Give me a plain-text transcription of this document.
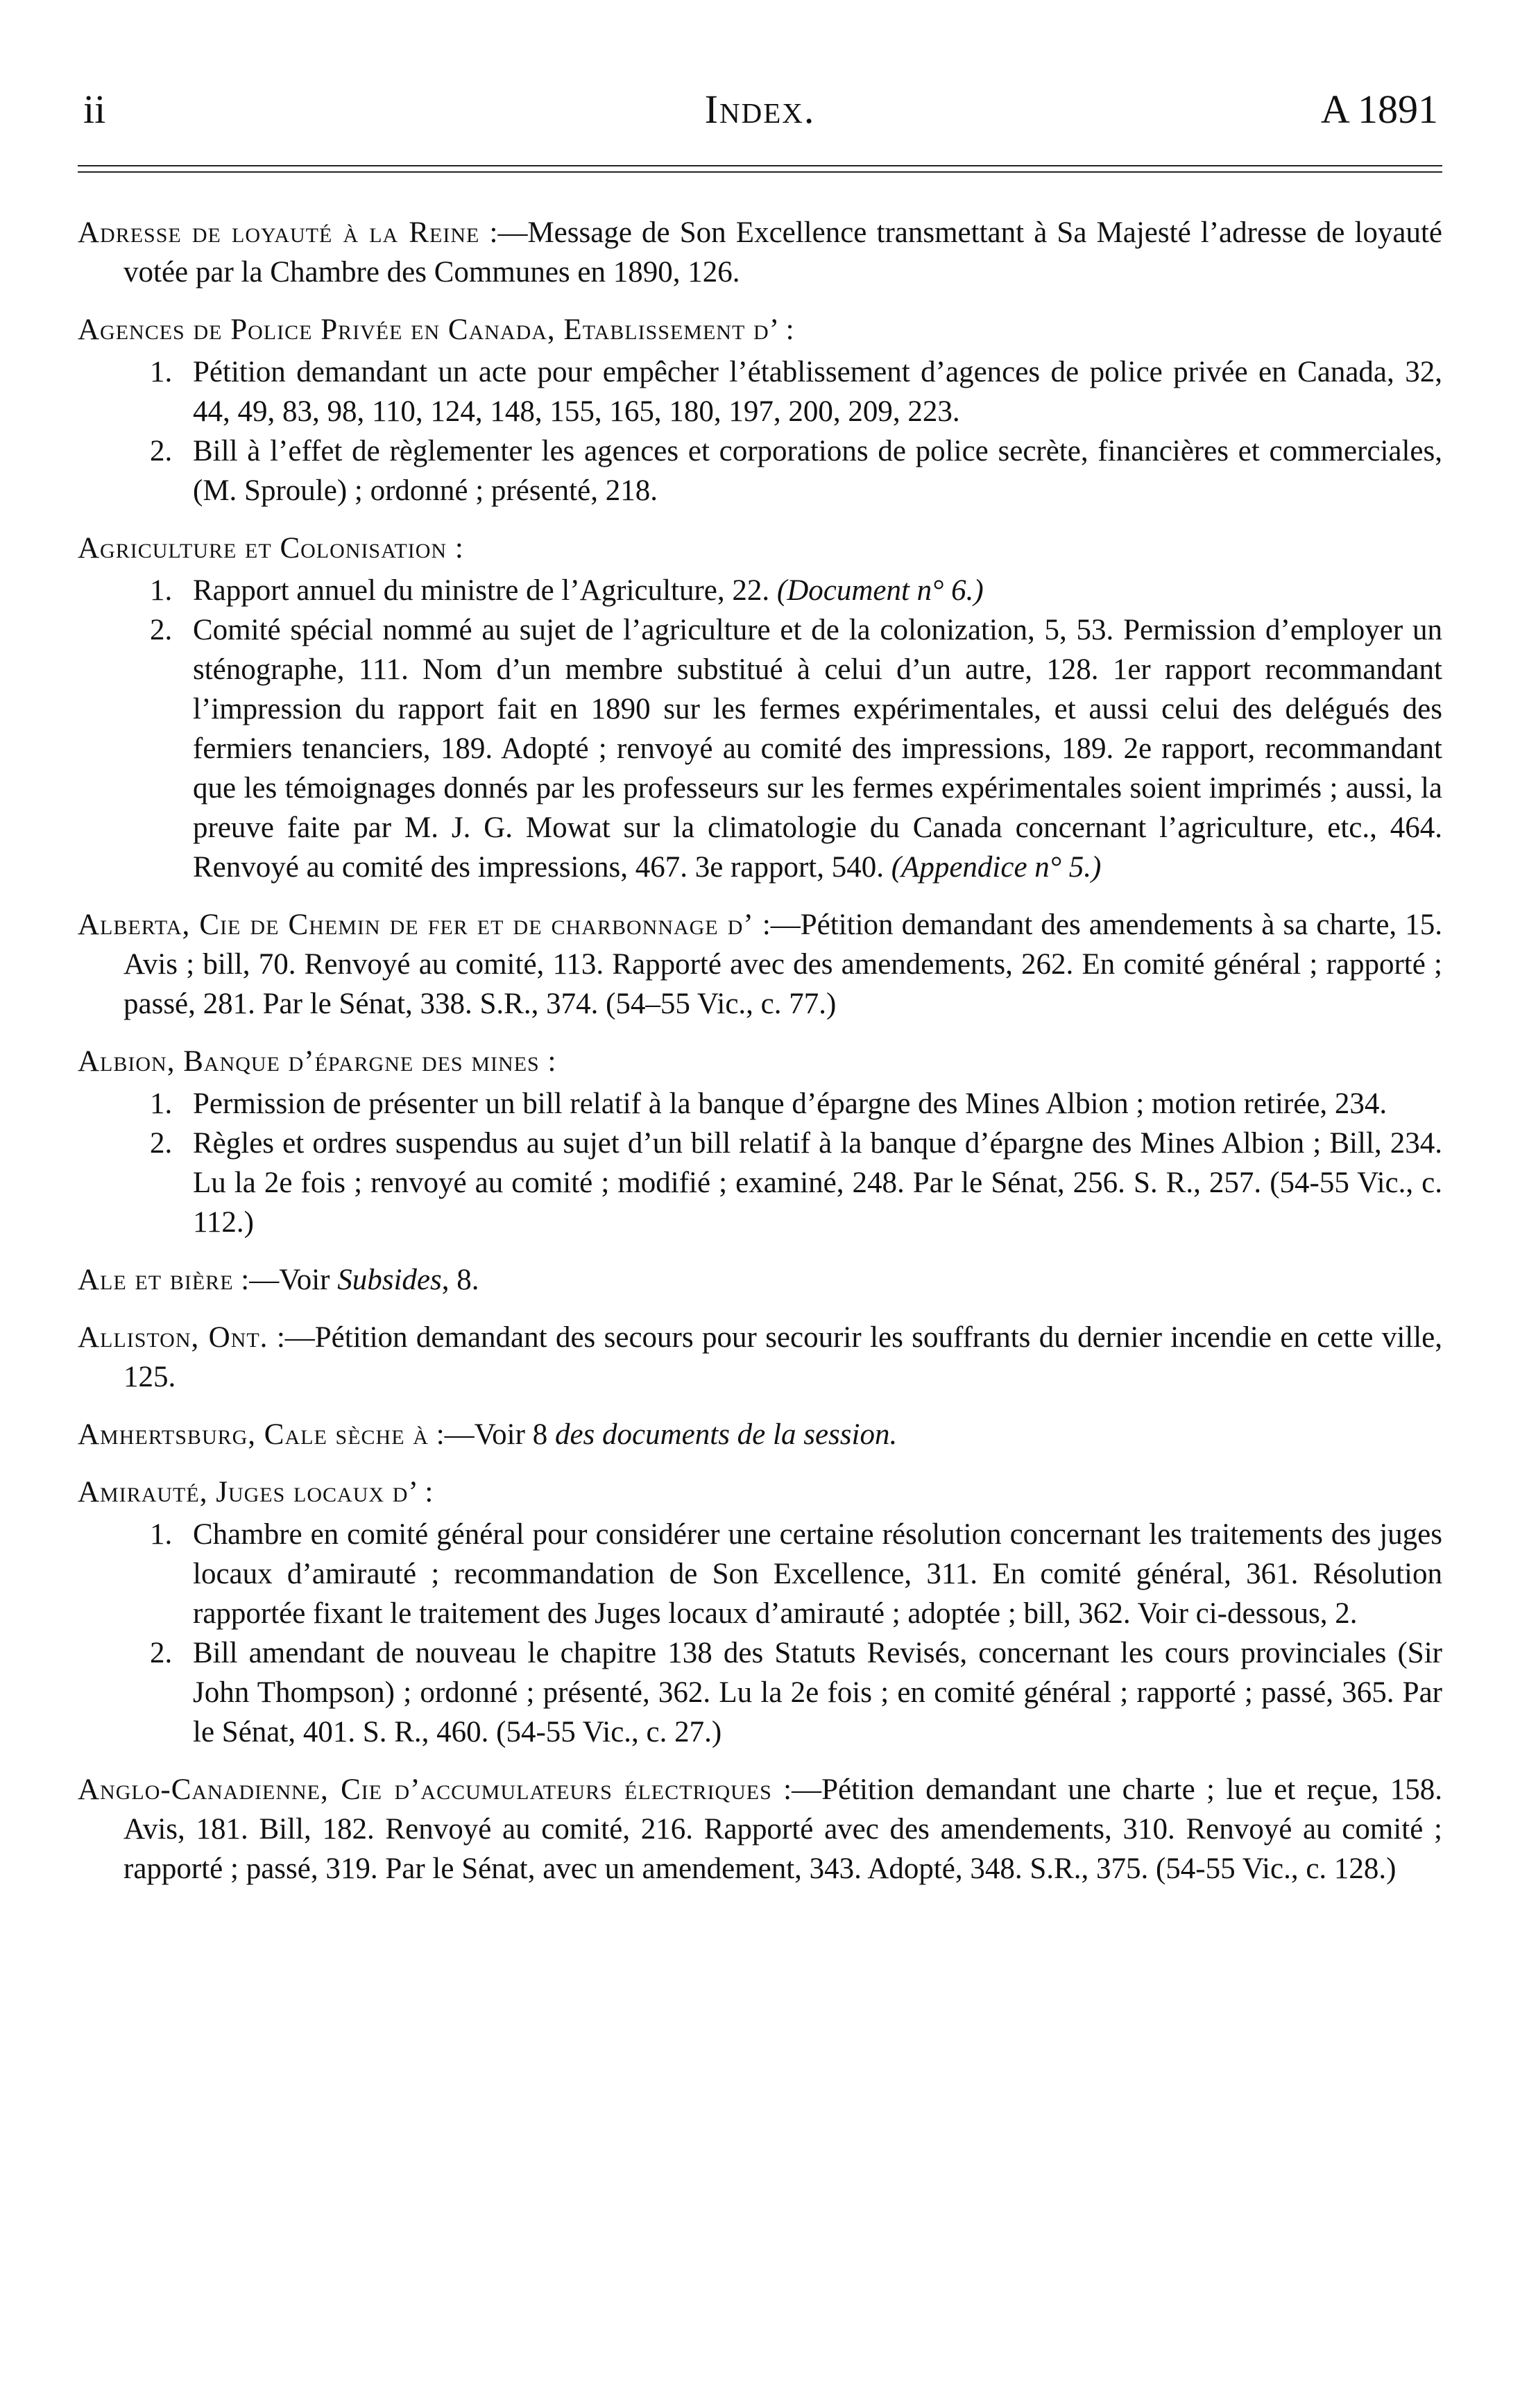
ii	Index.	A 1891
Adresse de loyauté à la Reine :—Message de Son Excellence transmettant à Sa Majesté l’adresse de loyauté votée par la Chambre des Communes en 1890, 126.
Agences de Police Privée en Canada, Etablissement d’ :
1. Pétition demandant un acte pour empêcher l’établissement d’agences de police privée en Canada, 32, 44, 49, 83, 98, 110, 124, 148, 155, 165, 180, 197, 200, 209, 223.
2. Bill à l’effet de règlementer les agences et corporations de police secrète, financières et commerciales, (M. Sproule) ; ordonné ; présenté, 218.
Agriculture et Colonisation :
1. Rapport annuel du ministre de l’Agriculture, 22. (Document n° 6.)
2. Comité spécial nommé au sujet de l’agriculture et de la colonization, 5, 53. Permission d’employer un sténographe, 111. Nom d’un membre substitué à celui d’un autre, 128. 1er rapport recommandant l’impression du rapport fait en 1890 sur les fermes expérimentales, et aussi celui des delégués des fermiers tenanciers, 189. Adopté ; renvoyé au comité des impressions, 189. 2e rapport, recommandant que les témoignages donnés par les professeurs sur les fermes expérimentales soient imprimés ; aussi, la preuve faite par M. J. G. Mowat sur la climatologie du Canada concernant l’agriculture, etc., 464. Renvoyé au comité des impressions, 467. 3e rapport, 540. (Appendice n° 5.)
Alberta, Cie de Chemin de fer et de charbonnage d’ :—Pétition demandant des amendements à sa charte, 15. Avis ; bill, 70. Renvoyé au comité, 113. Rapporté avec des amendements, 262. En comité général ; rapporté ; passé, 281. Par le Sénat, 338. S.R., 374. (54–55 Vic., c. 77.)
Albion, Banque d’épargne des mines :
1. Permission de présenter un bill relatif à la banque d’épargne des Mines Albion ; motion retirée, 234.
2. Règles et ordres suspendus au sujet d’un bill relatif à la banque d’épargne des Mines Albion ; Bill, 234. Lu la 2e fois ; renvoyé au comité ; modifié ; examiné, 248. Par le Sénat, 256. S. R., 257. (54-55 Vic., c. 112.)
Ale et bière :—Voir Subsides, 8.
Alliston, Ont. :—Pétition demandant des secours pour secourir les souffrants du dernier incendie en cette ville, 125.
Amhertsburg, Cale sèche à :—Voir 8 des documents de la session.
Amirauté, Juges locaux d’ :
1. Chambre en comité général pour considérer une certaine résolution concernant les traitements des juges locaux d’amirauté ; recommandation de Son Excellence, 311. En comité général, 361. Résolution rapportée fixant le traitement des Juges locaux d’amirauté ; adoptée ; bill, 362. Voir ci-dessous, 2.
2. Bill amendant de nouveau le chapitre 138 des Statuts Revisés, concernant les cours provinciales (Sir John Thompson) ; ordonné ; présenté, 362. Lu la 2e fois ; en comité général ; rapporté ; passé, 365. Par le Sénat, 401. S. R., 460. (54-55 Vic., c. 27.)
Anglo-Canadienne, Cie d’accumulateurs électriques :—Pétition demandant une charte ; lue et reçue, 158. Avis, 181. Bill, 182. Renvoyé au comité, 216. Rapporté avec des amendements, 310. Renvoyé au comité ; rapporté ; passé, 319. Par le Sénat, avec un amendement, 343. Adopté, 348. S.R., 375. (54-55 Vic., c. 128.)
